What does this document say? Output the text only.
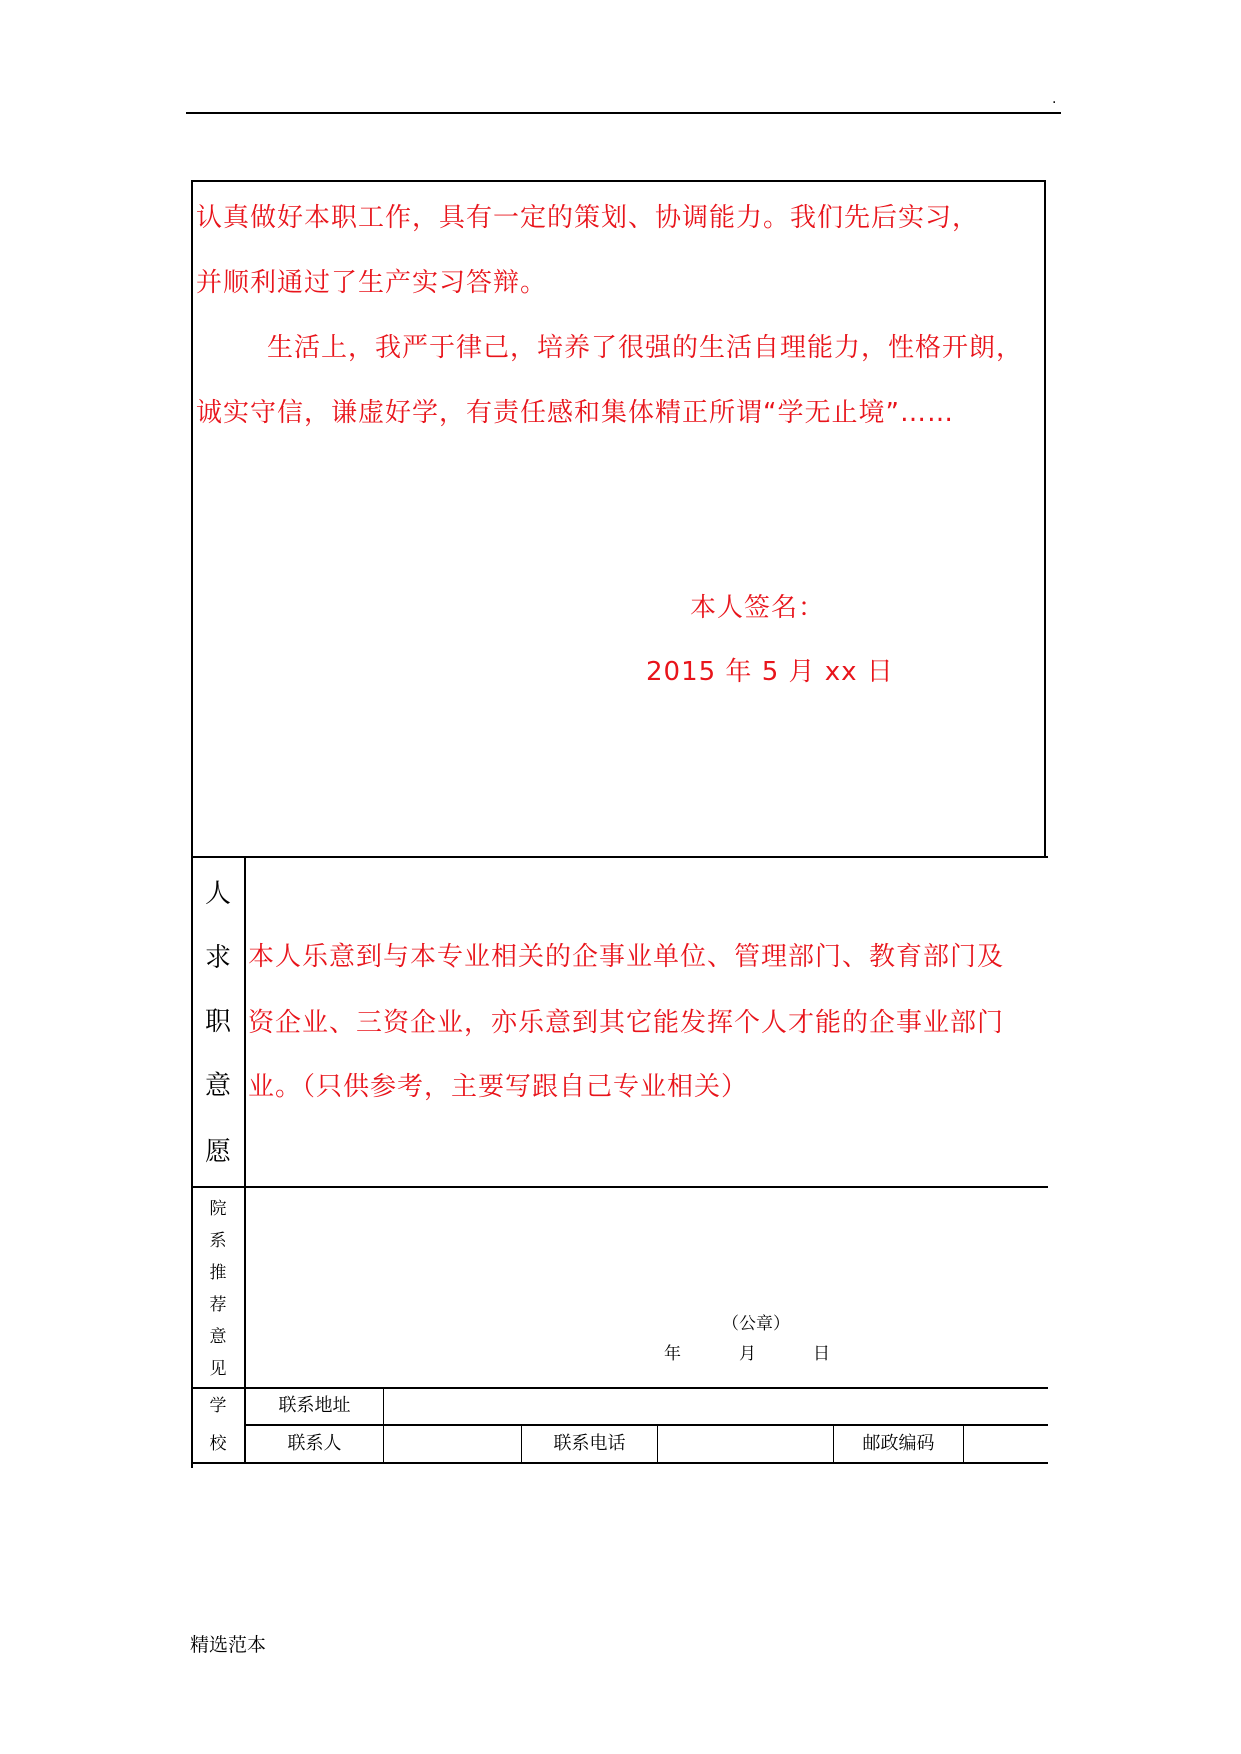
.
认真做好本职工作，具有一定的策划、协调能力。我们先后实习，
并顺利通过了生产实习答辩。
生活上，我严于律己，培养了很强的生活自理能力，性格开朗，
诚实守信，谦虚好学，有责任感和集体精正所谓“学无止境”……
本人签名：
2015 年 5 月 xx 日
人
求
职
意
愿
本人乐意到与本专业相关的企事业单位、管理部门、教育部门及
资企业、三资企业，亦乐意到其它能发挥个人才能的企事业部门
业。（只供参考，主要写跟自己专业相关）
院
系
推
荐
意
见
（公章）
年	月	日
学
校
联系地址
联系人	联系电话	邮政编码
精选范本
